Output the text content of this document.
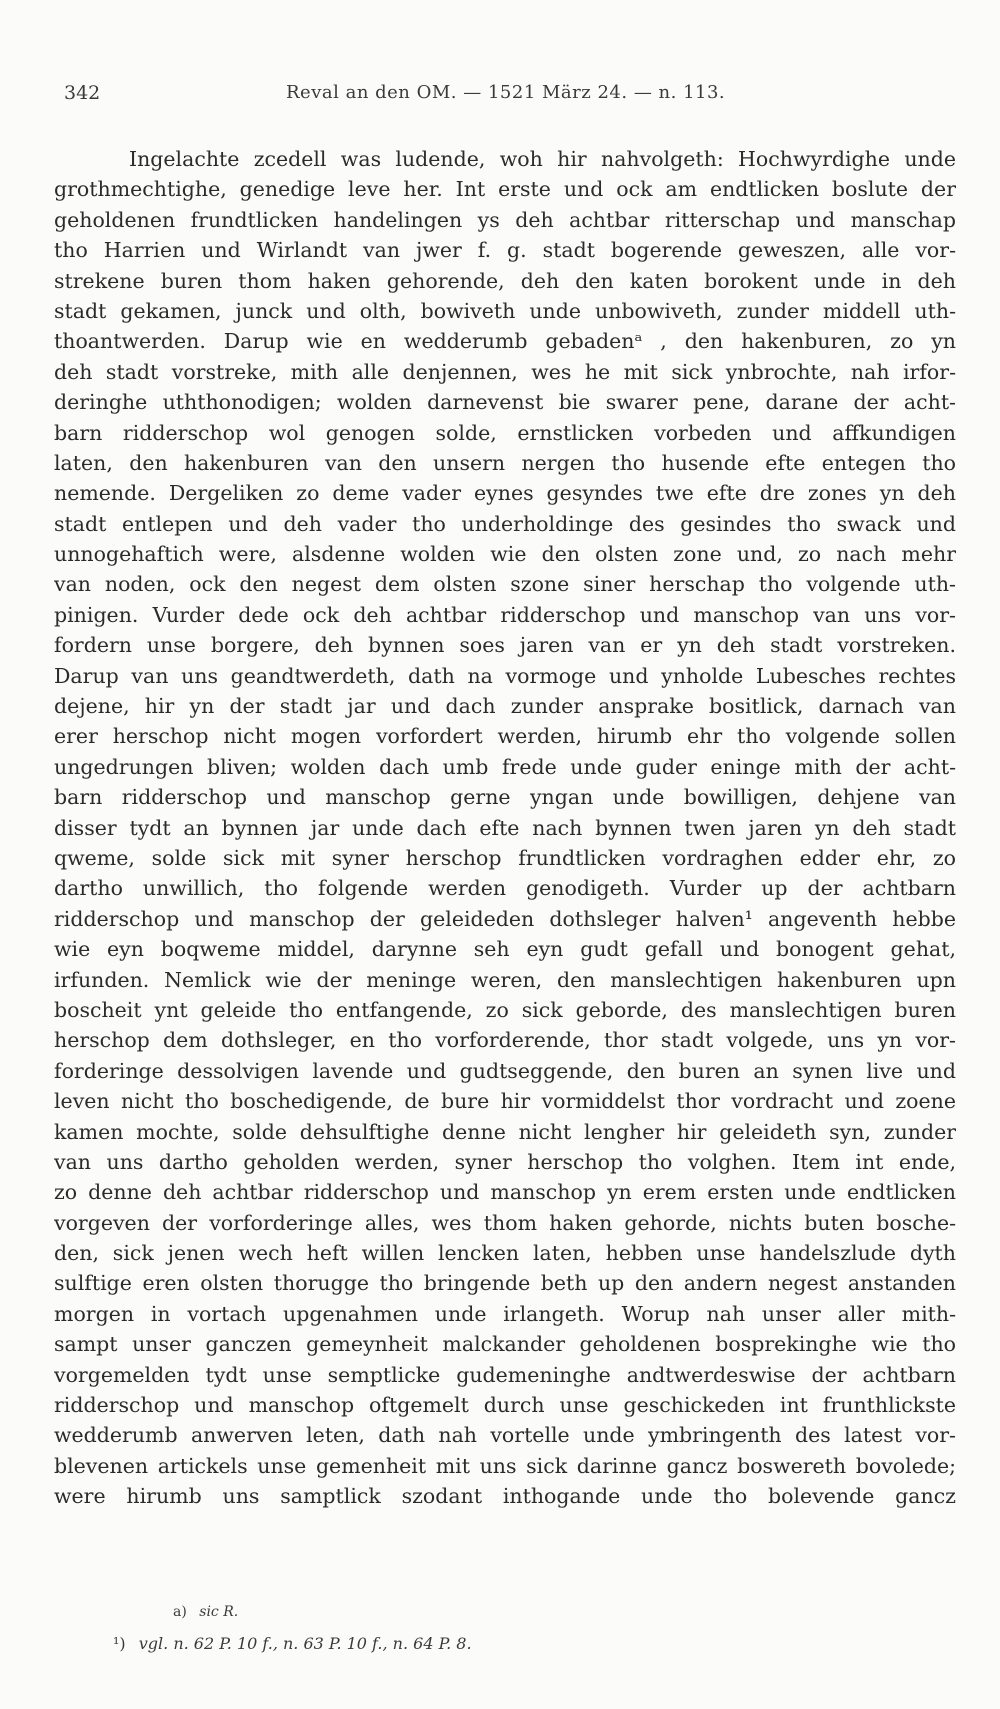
342	Reval an den OM. — 1521 März 24. — n. 113.
Ingelachte zcedell was ludende, woh hir nahvolgeth: Hochwyrdighe unde
grothmechtighe, genedige leve her. Int erste und ock am endtlicken boslute der
geholdenen frundtlicken handelingen ys deh achtbar ritterschap und manschap
tho Harrien und Wirlandt van jwer f. g. stadt bogerende geweszen, alle vor-
strekene buren thom haken gehorende, deh den katen borokent unde in deh
stadt gekamen, junck und olth, bowiveth unde unbowiveth, zunder middell uth-
thoantwerden. Darup wie en wedderumb gebadenᵃ , den hakenburen, zo yn
deh stadt vorstreke, mith alle denjennen, wes he mit sick ynbrochte, nah irfor-
deringhe uththonodigen; wolden darnevenst bie swarer pene, darane der acht-
barn ridderschop wol genogen solde, ernstlicken vorbeden und affkundigen
laten, den hakenburen van den unsern nergen tho husende efte entegen tho
nemende. Dergeliken zo deme vader eynes gesyndes twe efte dre zones yn deh
stadt entlepen und deh vader tho underholdinge des gesindes tho swack und
unnogehaftich were, alsdenne wolden wie den olsten zone und, zo nach mehr
van noden, ock den negest dem olsten szone siner herschap tho volgende uth-
pinigen. Vurder dede ock deh achtbar ridderschop und manschop van uns vor-
fordern unse borgere, deh bynnen soes jaren van er yn deh stadt vorstreken.
Darup van uns geandtwerdeth, dath na vormoge und ynholde Lubesches rechtes
dejene, hir yn der stadt jar und dach zunder ansprake bositlick, darnach van
erer herschop nicht mogen vorfordert werden, hirumb ehr tho volgende sollen
ungedrungen bliven; wolden dach umb frede unde guder eninge mith der acht-
barn ridderschop und manschop gerne yngan unde bowilligen, dehjene van
disser tydt an bynnen jar unde dach efte nach bynnen twen jaren yn deh stadt
qweme, solde sick mit syner herschop frundtlicken vordraghen edder ehr, zo
dartho unwillich, tho folgende werden genodigeth. Vurder up der achtbarn
ridderschop und manschop der geleideden dothsleger halven¹ angeventh hebbe
wie eyn boqweme middel, darynne seh eyn gudt gefall und bonogent gehat,
irfunden. Nemlick wie der meninge weren, den manslechtigen hakenburen upn
boscheit ynt geleide tho entfangende, zo sick geborde, des manslechtigen buren
herschop dem dothsleger, en tho vorforderende, thor stadt volgede, uns yn vor-
forderinge dessolvigen lavende und gudtseggende, den buren an synen live und
leven nicht tho boschedigende, de bure hir vormiddelst thor vordracht und zoene
kamen mochte, solde dehsulftighe denne nicht lengher hir geleideth syn, zunder
van uns dartho geholden werden, syner herschop tho volghen. Item int ende,
zo denne deh achtbar ridderschop und manschop yn erem ersten unde endtlicken
vorgeven der vorforderinge alles, wes thom haken gehorde, nichts buten bosche-
den, sick jenen wech heft willen lencken laten, hebben unse handelszlude dyth
sulftige eren olsten thorugge tho bringende beth up den andern negest anstanden
morgen in vortach upgenahmen unde irlangeth. Worup nah unser aller mith-
sampt unser ganczen gemeynheit malckander geholdenen bosprekinghe wie tho
vorgemelden tydt unse semptlicke gudemeninghe andtwerdeswise der achtbarn
ridderschop und manschop oftgemelt durch unse geschickeden int frunthlickste
wedderumb anwerven leten, dath nah vortelle unde ymbringenth des latest vor-
blevenen artickels unse gemenheit mit uns sick darinne gancz boswereth bovolede;
were hirumb uns samptlick szodant inthogande unde tho bolevende gancz
a) sic R.
¹) vgl. n. 62 P. 10 f., n. 63 P. 10 f., n. 64 P. 8.
